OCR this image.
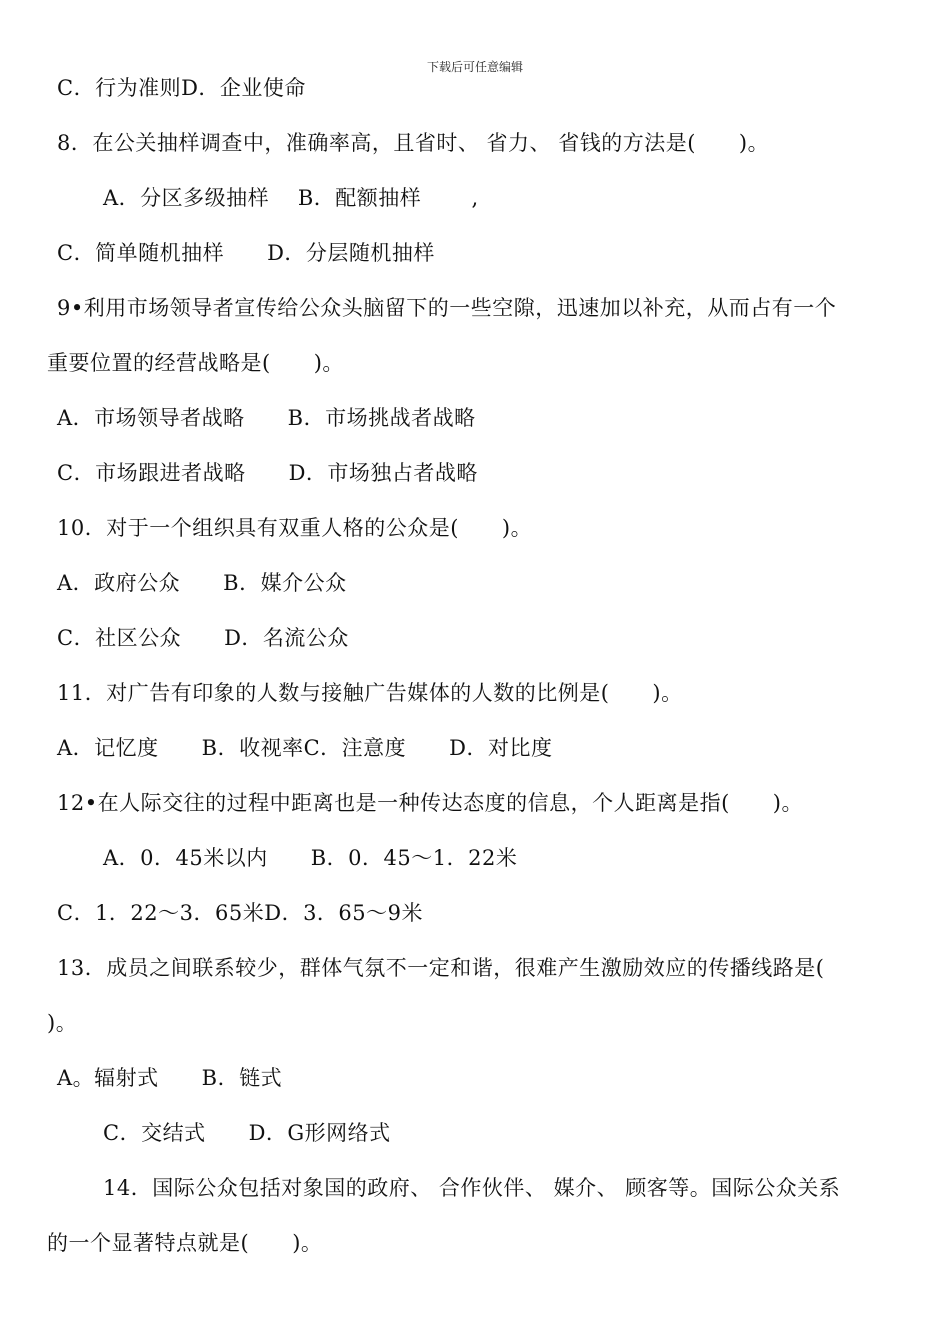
下载后可任意编辑
C．行为准则D．企业使命
8．在公关抽样调查中，准确率高，且省时、 省力、 省钱的方法是(　　)。
A．分区多级抽样　 B．配额抽样　　 ,
C．简单随机抽样　　D．分层随机抽样
9•利用市场领导者宣传给公众头脑留下的一些空隙，迅速加以补充，从而占有一个
重要位置的经营战略是(　　)。
A．市场领导者战略　　B．市场挑战者战略
C．市场跟进者战略　　D．市场独占者战略
10．对于一个组织具有双重人格的公众是(　　)。
A．政府公众　　B．媒介公众
C．社区公众　　D．名流公众
11．对广告有印象的人数与接触广告媒体的人数的比例是(　　)。
A．记忆度　　B．收视率C．注意度　　D．对比度
12•在人际交往的过程中距离也是一种传达态度的信息，个人距离是指(　　)。
A．0．45米以内　　B．0．45～1．22米
C．1．22～3．65米D．3．65～9米
13．成员之间联系较少，群体气氛不一定和谐，很难产生激励效应的传播线路是(
)。
A。辐射式　　B．链式
C．交结式　　D．G形网络式
14．国际公众包括对象国的政府、 合作伙伴、 媒介、 顾客等。国际公众关系
的一个显著特点就是(　　)。
